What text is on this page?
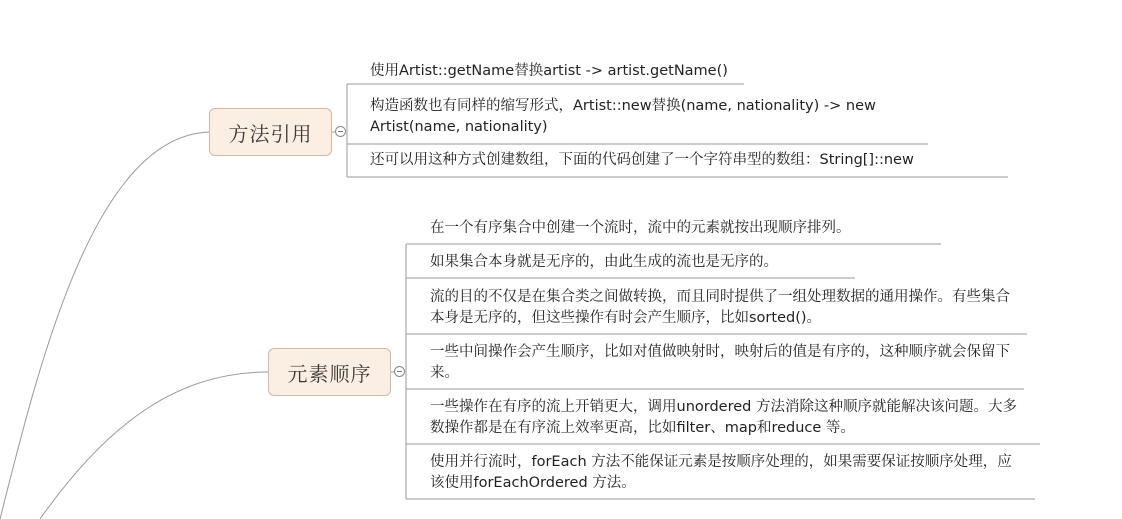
方法引用
使用Artist::getName替换artist -> artist.getName()
构造函数也有同样的缩写形式，Artist::new替换(name, nationality) -> new Artist(name, nationality)
还可以用这种方式创建数组，下面的代码创建了一个字符串型的数组：String[]::new
元素顺序
在一个有序集合中创建一个流时，流中的元素就按出现顺序排列。
如果集合本身就是无序的，由此生成的流也是无序的。
流的目的不仅是在集合类之间做转换，而且同时提供了一组处理数据的通用操作。有些集合本身是无序的，但这些操作有时会产生顺序，比如sorted()。
一些中间操作会产生顺序，比如对值做映射时，映射后的值是有序的，这种顺序就会保留下来。
一些操作在有序的流上开销更大，调用unordered 方法消除这种顺序就能解决该问题。大多数操作都是在有序流上效率更高，比如filter、map和reduce 等。
使用并行流时，forEach 方法不能保证元素是按顺序处理的，如果需要保证按顺序处理，应该使用forEachOrdered 方法。
